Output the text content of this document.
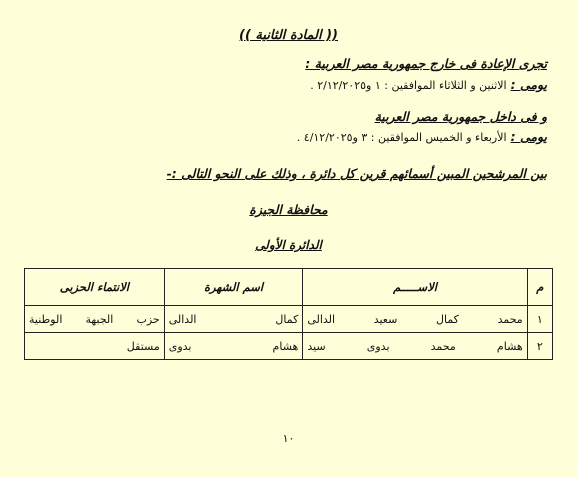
(( المادة الثانية ))
تجرى الإعادة فى خارج جمهورية مصر العربية :
يومى : الاثنين و الثلاثاء الموافقين : ١ و٢/١٢/٢٠٢٥ .
و فى داخل جمهورية مصر العربية
يومى : الأربعاء و الخميس الموافقين : ٣ و٤/١٢/٢٠٢٥ .
بين المرشحين المبين أسمائهم قرين كل دائرة ، وذلك على النحو التالى :-
محافظة الجيزة
الدائرة الأولى
م	الاســـــم	اسم الشهرة	الانتماء الحزبى
١	محمد كمال سعيد الدالى	كمال الدالى	حزب الجبهة الوطنية
٢	هشام محمد بدوى سيد	هشام بدوى	مستقل
١٠
